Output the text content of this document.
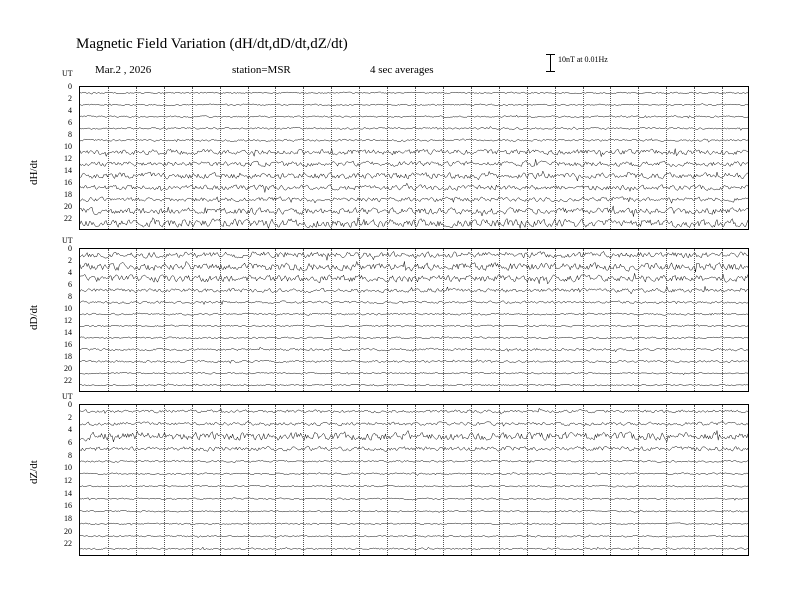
Magnetic Field Variation (dH/dt,dD/dt,dZ/dt)
Mar.2 , 2026	station=MSR	4 sec averages
10nT at 0.01Hz
UT
dH/dt
UT
dD/dt
UT
dZ/dt
0
2
4
6
8
10
12
14
16
18
20
22
0
2
4
6
8
10
12
14
16
18
20
22
0
2
4
6
8
10
12
14
16
18
20
22
